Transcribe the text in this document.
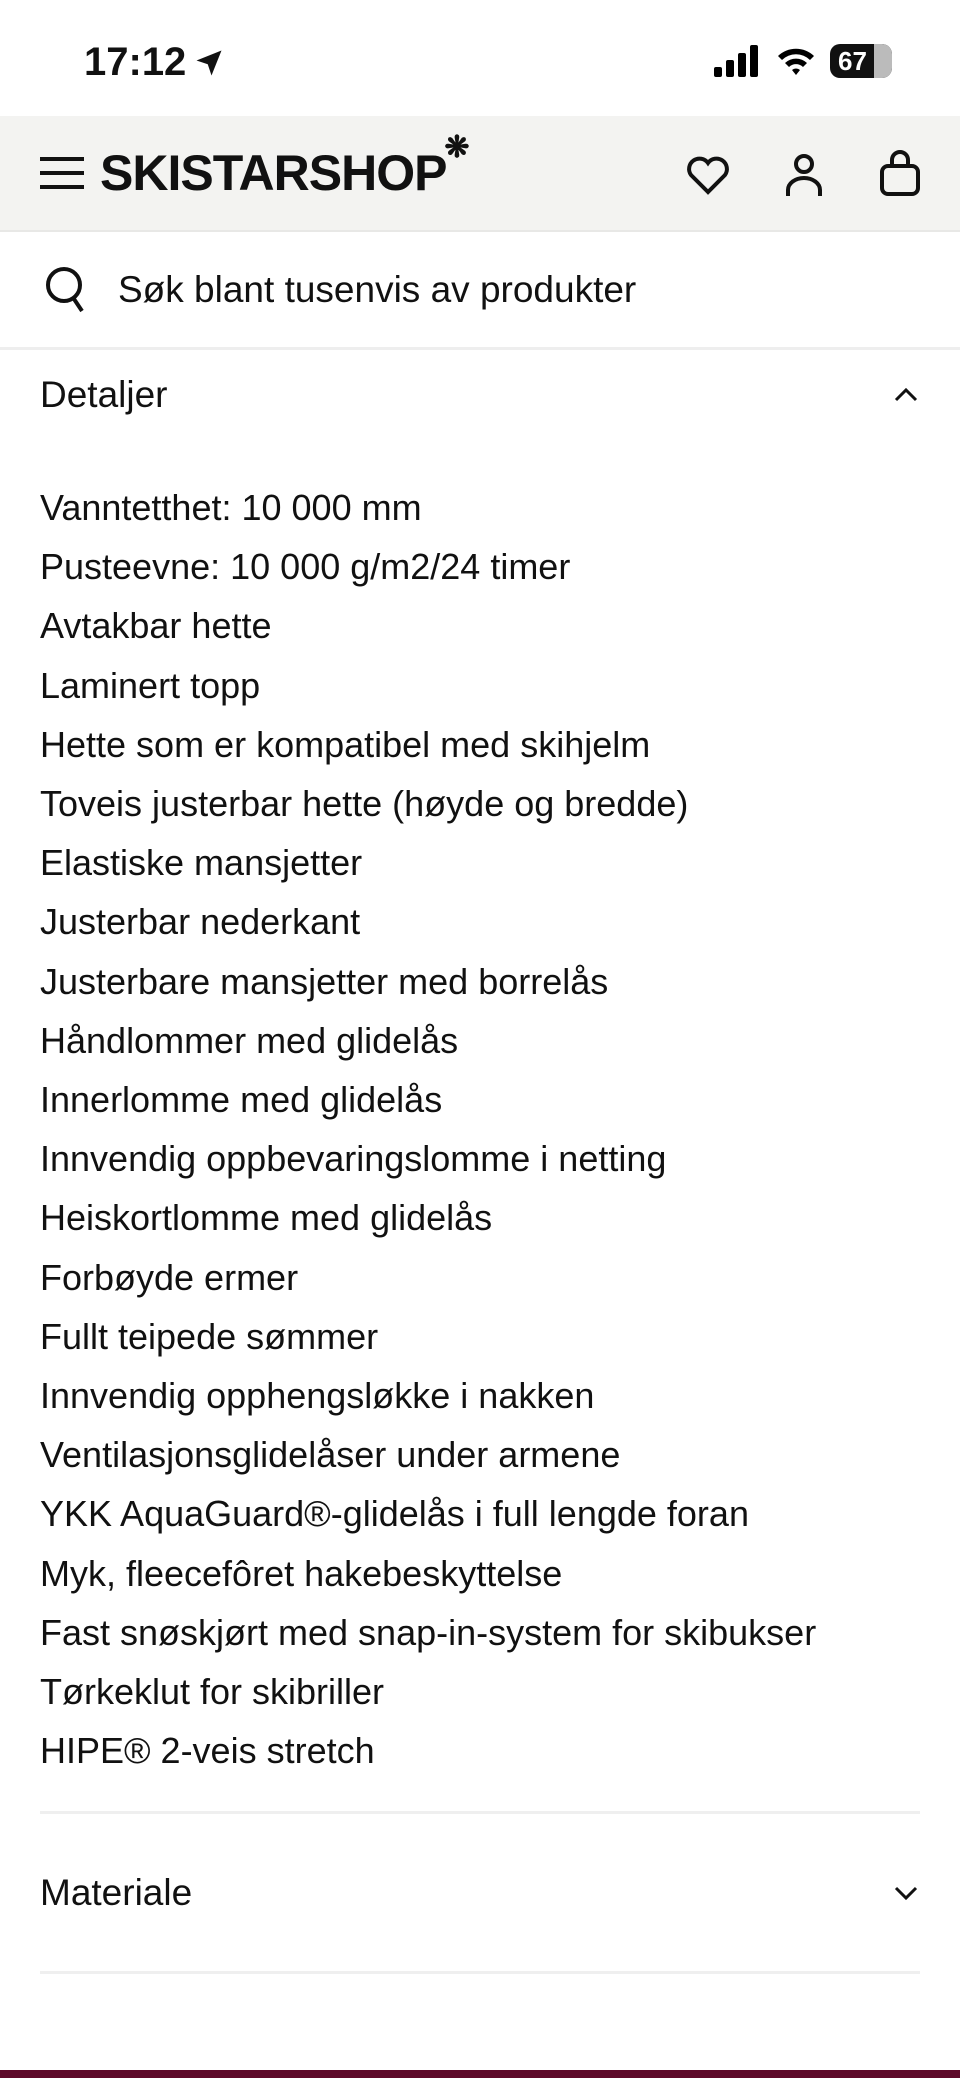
17:12	67
SKISTARSHOP
❋
Søk blant tusenvis av produkter
Detaljer
Vanntetthet: 10 000 mm
Pusteevne: 10 000 g/m2/24 timer
Avtakbar hette
Laminert topp
Hette som er kompatibel med skihjelm
Toveis justerbar hette (høyde og bredde)
Elastiske mansjetter
Justerbar nederkant
Justerbare mansjetter med borrelås
Håndlommer med glidelås
Innerlomme med glidelås
Innvendig oppbevaringslomme i netting
Heiskortlomme med glidelås
Forbøyde ermer
Fullt teipede sømmer
Innvendig opphengsløkke i nakken
Ventilasjonsglidelåser under armene
YKK AquaGuard®-glidelås i full lengde foran
Myk, fleecefôret hakebeskyttelse
Fast snøskjørt med snap-in-system for skibukser
Tørkeklut for skibriller
HIPE® 2-veis stretch
Materiale
